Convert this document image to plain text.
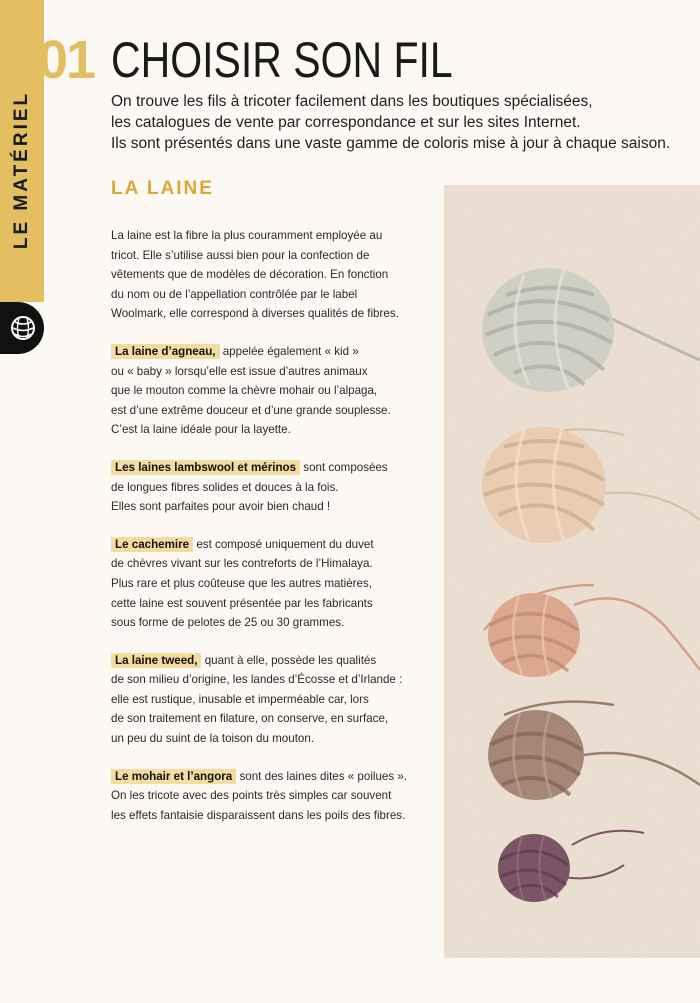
LE MATÉRIEL
01 CHOISIR SON FIL
On trouve les fils à tricoter facilement dans les boutiques spécialisées,
les catalogues de vente par correspondance et sur les sites Internet.
Ils sont présentés dans une vaste gamme de coloris mise à jour à chaque saison.
LA LAINE
La laine est la fibre la plus couramment employée au
tricot. Elle s’utilise aussi bien pour la confection de
vêtements que de modèles de décoration. En fonction
du nom ou de l’appellation contrôlée par le label
Woolmark, elle correspond à diverses qualités de fibres.
La laine d’agneau, appelée également « kid »
ou « baby » lorsqu’elle est issue d’autres animaux
que le mouton comme la chèvre mohair ou l’alpaga,
est d’une extrême douceur et d’une grande souplesse.
C’est la laine idéale pour la layette.
Les laines lambswool et mérinos sont composées
de longues fibres solides et douces à la fois.
Elles sont parfaites pour avoir bien chaud !
Le cachemire est composé uniquement du duvet
de chèvres vivant sur les contreforts de l’Himalaya.
Plus rare et plus coûteuse que les autres matières,
cette laine est souvent présentée par les fabricants
sous forme de pelotes de 25 ou 30 grammes.
La laine tweed, quant à elle, possède les qualités
de son milieu d’origine, les landes d’Écosse et d’Irlande :
elle est rustique, inusable et imperméable car, lors
de son traitement en filature, on conserve, en surface,
un peu du suint de la toison du mouton.
Le mohair et l’angora sont des laines dites « poilues ».
On les tricote avec des points très simples car souvent
les effets fantaisie disparaissent dans les poils des fibres.
